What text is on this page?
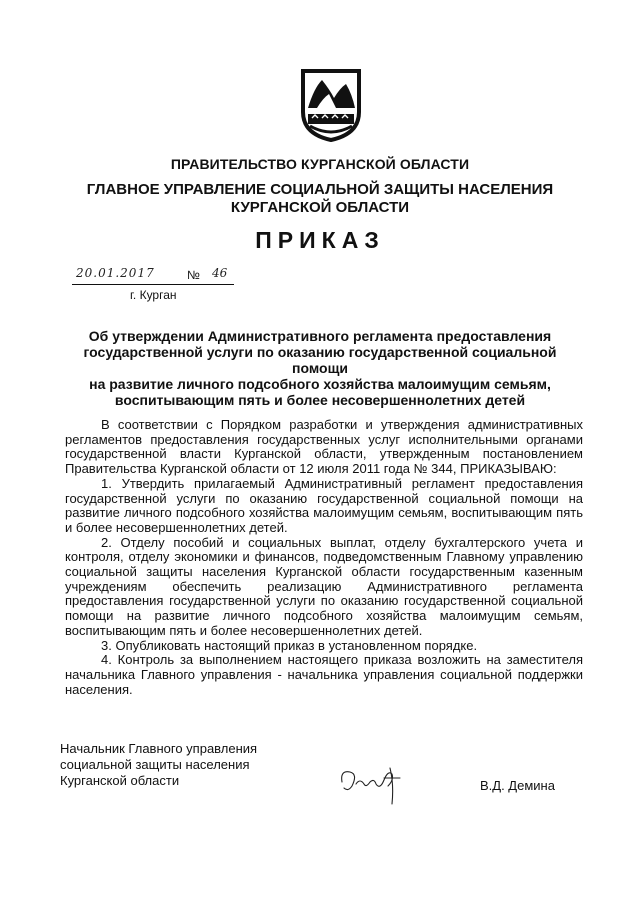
ПРАВИТЕЛЬСТВО КУРГАНСКОЙ ОБЛАСТИ
ГЛАВНОЕ УПРАВЛЕНИЕ СОЦИАЛЬНОЙ ЗАЩИТЫ НАСЕЛЕНИЯ
КУРГАНСКОЙ ОБЛАСТИ
ПРИКАЗ
20.01.2017	№ 46
г. Курган
Об утверждении Административного регламента предоставления
государственной услуги по оказанию государственной социальной помощи
на развитие личного подсобного хозяйства малоимущим семьям,
воспитывающим пять и более несовершеннолетних детей

В соответствии с Порядком разработки и утверждения административных регламентов предоставления государственных услуг исполнительными органами государственной власти Курганской области, утвержденным постановлением Правительства Курганской области от 12 июля 2011 года № 344, ПРИКАЗЫВАЮ:

1. Утвердить прилагаемый Административный регламент предоставления государственной услуги по оказанию государственной социальной помощи на развитие личного подсобного хозяйства малоимущим семьям, воспитывающим пять и более несовершеннолетних детей.

2. Отделу пособий и социальных выплат, отделу бухгалтерского учета и контроля, отделу экономики и финансов, подведомственным Главному управлению социальной защиты населения Курганской области государственным казенным учреждениям обеспечить реализацию Административного регламента предоставления государственной услуги по оказанию государственной социальной помощи на развитие личного подсобного хозяйства малоимущим семьям, воспитывающим пять и более несовершеннолетних детей.

3. Опубликовать настоящий приказ в установленном порядке.

4. Контроль за выполнением настоящего приказа возложить на заместителя начальника Главного управления - начальника управления социальной поддержки населения.

Начальник Главного управления
социальной защиты населения
Курганской области	В.Д. Демина
